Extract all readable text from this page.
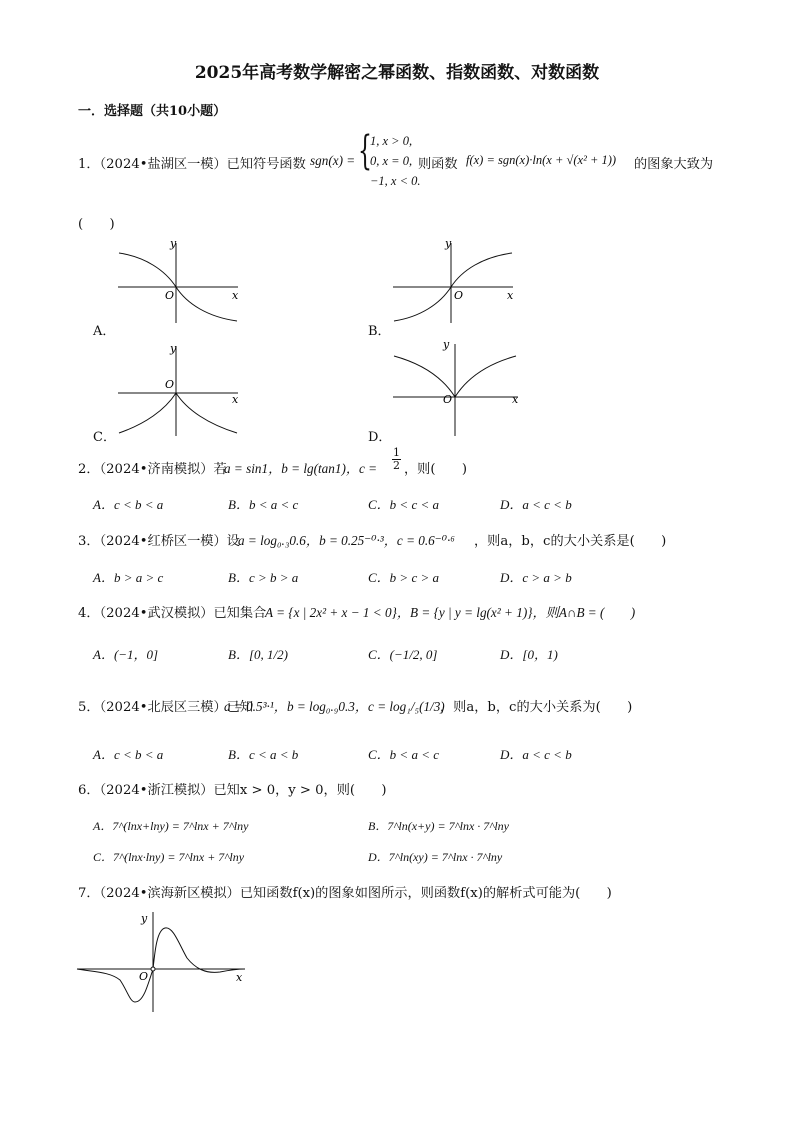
2025年高考数学解密之幂函数、指数函数、对数函数
一．选择题（共10小题）
1．（2024•盐湖区一模）已知符号函数 sgn(x) = {
1, x > 0,
0, x = 0,
−1, x < 0.
则函数 f(x) = sgn(x)·ln(x + √(x² + 1)) 的图象大致为
(　　)
A．
y
x
O
B．
y
x
O
C．
y
x
O
D．
y
x
O
2．（2024•济南模拟）若
a = sin1，b = lg(tan1)，$c = \frac{1}{2}$ ，则(　　)
A．c < b < a	B．b < a < c	C．b < c < a	D．a < c < b
3．（2024•红桥区一模）设
a = log₀.₃0.6，b = 0.25⁻⁰·³，c = 0.6⁻⁰·⁶ ，则a，b，c的大小关系是(　　)
A．b > a > c	B．c > b > a	C．b > c > a	D．c > a > b
4．（2024•武汉模拟）已知集合
A = {x | 2x² + x − 1 < 0}，B = {y | y = lg(x² + 1)}，则A∩B = (　　)
A．(−1，0]	B．[0, 1/2)	C．(−1/2, 0]	D．[0，1)
5．（2024•北辰区三模）已知
a = 0.5³·¹，b = log₀.₉0.3，c = log₁/₅(1/3)
，则a，b，c的大小关系为(　　)
A．c < b < a	B．c < a < b	C．b < a < c	D．a < c < b
6．（2024•浙江模拟）已知x > 0，y > 0，则(　　)
A．7^(lnx+lny) = 7^lnx + 7^lny	B．7^ln(x+y) = 7^lnx · 7^lny
C．7^(lnx·lny) = 7^lnx + 7^lny	D．7^ln(xy) = 7^lnx · 7^lny
7．（2024•滨海新区模拟）已知函数f(x)的图象如图所示，则函数f(x)的解析式可能为(　　)
y
x
O
